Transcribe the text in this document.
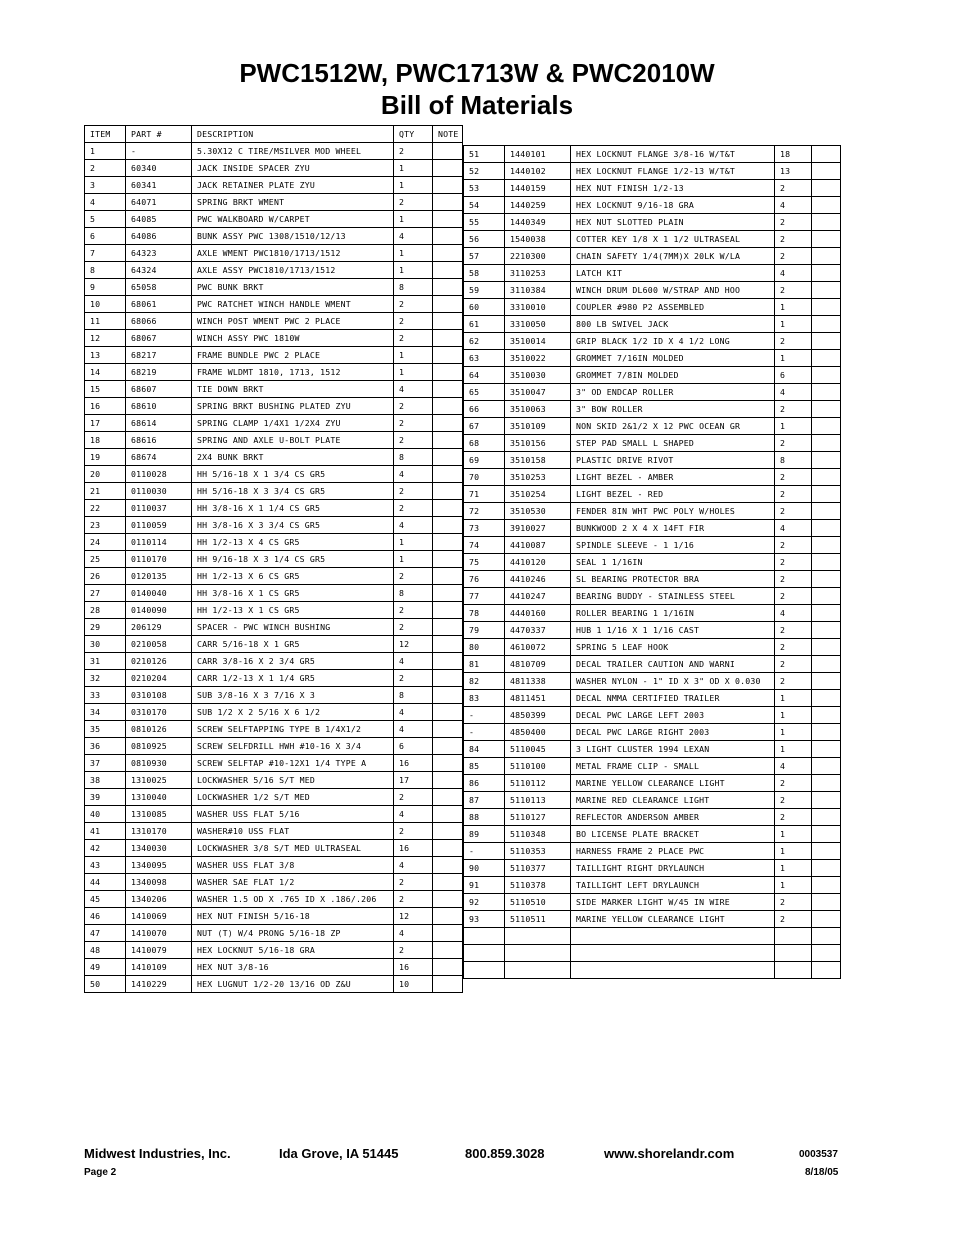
PWC1512W, PWC1713W & PWC2010W
Bill of Materials
ITEM	PART #	DESCRIPTION	QTY	NOTE
1	-	5.30X12 C TIRE/MSILVER MOD WHEEL	2	
2	60340	JACK INSIDE SPACER ZYU	1	
3	60341	JACK RETAINER PLATE ZYU	1	
4	64071	SPRING BRKT WMENT	2	
5	64085	PWC WALKBOARD W/CARPET	1	
6	64086	BUNK ASSY PWC 1308/1510/12/13	4	
7	64323	AXLE WMENT PWC1810/1713/1512	1	
8	64324	AXLE ASSY PWC1810/1713/1512	1	
9	65058	PWC BUNK BRKT	8	
10	68061	PWC RATCHET WINCH HANDLE WMENT	2	
11	68066	WINCH POST WMENT PWC 2 PLACE	2	
12	68067	WINCH ASSY PWC 1810W	2	
13	68217	FRAME BUNDLE PWC 2 PLACE	1	
14	68219	FRAME WLDMT 1810, 1713, 1512	1	
15	68607	TIE DOWN BRKT	4	
16	68610	SPRING BRKT BUSHING PLATED ZYU	2	
17	68614	SPRING CLAMP 1/4X1 1/2X4 ZYU	2	
18	68616	SPRING AND AXLE U-BOLT PLATE	2	
19	68674	2X4 BUNK BRKT	8	
20	0110028	HH 5/16-18 X 1 3/4 CS GR5	4	
21	0110030	HH 5/16-18 X 3 3/4 CS GR5	2	
22	0110037	HH 3/8-16 X 1 1/4 CS GR5	2	
23	0110059	HH 3/8-16 X 3 3/4 CS GR5	4	
24	0110114	HH 1/2-13 X 4 CS GR5	1	
25	0110170	HH 9/16-18 X 3 1/4 CS GR5	1	
26	0120135	HH 1/2-13 X 6 CS GR5	2	
27	0140040	HH 3/8-16 X 1 CS GR5	8	
28	0140090	HH 1/2-13 X 1 CS GR5	2	
29	206129	SPACER - PWC WINCH BUSHING	2	
30	0210058	CARR 5/16-18 X 1 GR5	12	
31	0210126	CARR 3/8-16 X 2 3/4 GR5	4	
32	0210204	CARR 1/2-13 X 1 1/4 GR5	2	
33	0310108	SUB 3/8-16 X 3 7/16 X 3	8	
34	0310170	SUB 1/2 X 2 5/16 X 6 1/2	4	
35	0810126	SCREW SELFTAPPING TYPE B 1/4X1/2	4	
36	0810925	SCREW SELFDRILL HWH #10-16 X 3/4	6	
37	0810930	SCREW SELFTAP #10-12X1 1/4 TYPE A	16	
38	1310025	LOCKWASHER 5/16 S/T MED	17	
39	1310040	LOCKWASHER 1/2 S/T MED	2	
40	1310085	WASHER USS FLAT 5/16	4	
41	1310170	WASHER#10 USS FLAT	2	
42	1340030	LOCKWASHER 3/8 S/T MED ULTRASEAL	16	
43	1340095	WASHER USS FLAT 3/8	4	
44	1340098	WASHER SAE FLAT 1/2	2	
45	1340206	WASHER 1.5 OD X .765 ID X .186/.206	2	
46	1410069	HEX NUT FINISH 5/16-18	12	
47	1410070	NUT (T) W/4 PRONG 5/16-18 ZP	4	
48	1410079	HEX LOCKNUT 5/16-18 GRA	2	
49	1410109	HEX NUT 3/8-16	16	
50	1410229	HEX LUGNUT 1/2-20 13/16 OD Z&U	10	
51	1440101	HEX LOCKNUT FLANGE 3/8-16 W/T&T	18	
52	1440102	HEX LOCKNUT FLANGE 1/2-13 W/T&T	13	
53	1440159	HEX NUT FINISH 1/2-13	2	
54	1440259	HEX LOCKNUT 9/16-18 GRA	4	
55	1440349	HEX NUT SLOTTED PLAIN	2	
56	1540038	COTTER KEY 1/8 X 1 1/2 ULTRASEAL	2	
57	2210300	CHAIN SAFETY 1/4(7MM)X 20LK W/LA	2	
58	3110253	LATCH KIT	4	
59	3110384	WINCH DRUM DL600 W/STRAP AND HOO	2	
60	3310010	COUPLER #980 P2 ASSEMBLED	1	
61	3310050	800 LB SWIVEL JACK	1	
62	3510014	GRIP BLACK 1/2 ID X 4 1/2 LONG	2	
63	3510022	GROMMET 7/16IN MOLDED	1	
64	3510030	GROMMET 7/8IN MOLDED	6	
65	3510047	3" OD ENDCAP ROLLER	4	
66	3510063	3" BOW ROLLER	2	
67	3510109	NON SKID 2&1/2 X 12 PWC OCEAN GR	1	
68	3510156	STEP PAD SMALL L SHAPED	2	
69	3510158	PLASTIC DRIVE RIVOT	8	
70	3510253	LIGHT BEZEL - AMBER	2	
71	3510254	LIGHT BEZEL - RED	2	
72	3510530	FENDER 8IN WHT PWC POLY W/HOLES	2	
73	3910027	BUNKWOOD 2 X 4 X 14FT FIR	4	
74	4410087	SPINDLE SLEEVE - 1 1/16	2	
75	4410120	SEAL 1 1/16IN	2	
76	4410246	SL BEARING PROTECTOR BRA	2	
77	4410247	BEARING BUDDY - STAINLESS STEEL	2	
78	4440160	ROLLER BEARING 1 1/16IN	4	
79	4470337	HUB 1 1/16 X 1 1/16 CAST	2	
80	4610072	SPRING 5 LEAF HOOK	2	
81	4810709	DECAL TRAILER CAUTION AND WARNI	2	
82	4811338	WASHER NYLON - 1" ID X 3" OD X 0.030	2	
83	4811451	DECAL NMMA CERTIFIED TRAILER	1	
-	4850399	DECAL PWC LARGE LEFT 2003	1	
-	4850400	DECAL PWC LARGE RIGHT 2003	1	
84	5110045	3 LIGHT CLUSTER 1994 LEXAN	1	
85	5110100	METAL FRAME CLIP - SMALL	4	
86	5110112	MARINE YELLOW CLEARANCE LIGHT	2	
87	5110113	MARINE RED CLEARANCE LIGHT	2	
88	5110127	REFLECTOR ANDERSON AMBER	2	
89	5110348	BO LICENSE PLATE BRACKET	1	
-	5110353	HARNESS FRAME 2 PLACE PWC	1	
90	5110377	TAILLIGHT RIGHT DRYLAUNCH	1	
91	5110378	TAILLIGHT LEFT DRYLAUNCH	1	
92	5110510	SIDE MARKER LIGHT W/45 IN WIRE	2	
93	5110511	MARINE YELLOW CLEARANCE LIGHT	2	

Midwest Industries, Inc.	Ida Grove, IA 51445	800.859.3028	www.shorelandr.com	0003537
Page 2	8/18/05
